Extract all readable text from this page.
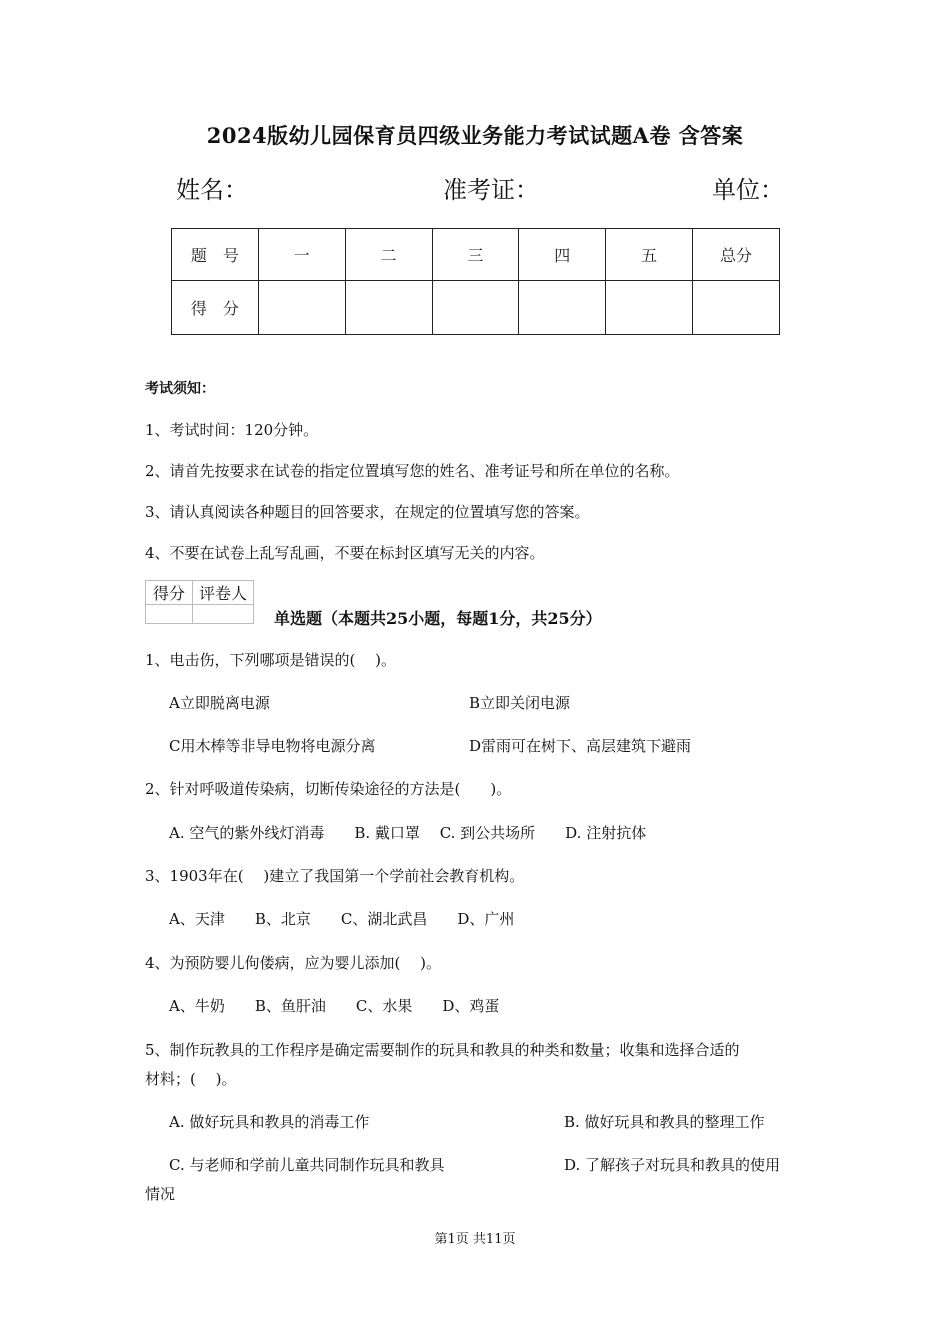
2024版幼儿园保育员四级业务能力考试试题A卷 含答案
姓名：	准考证：	单位：
题　号	一	二	三	四	五	总分
得　分						
考试须知：
1、考试时间：120分钟。
2、请首先按要求在试卷的指定位置填写您的姓名、准考证号和所在单位的名称。
3、请认真阅读各种题目的回答要求，在规定的位置填写您的答案。
4、不要在试卷上乱写乱画，不要在标封区填写无关的内容。
得分	评卷人

单选题（本题共25小题，每题1分，共25分）
1、电击伤，下列哪项是错误的(　 )。
A立即脱离电源	B立即关闭电源
C用木棒等非导电物将电源分离	D雷雨可在树下、高层建筑下避雨
2、针对呼吸道传染病，切断传染途径的方法是(　　)。
A. 空气的紫外线灯消毒　　B. 戴口罩　 C. 到公共场所　　D. 注射抗体
3、1903年在(　 )建立了我国第一个学前社会教育机构。
A、天津　　B、北京　　C、湖北武昌　　D、广州
4、为预防婴儿佝偻病，应为婴儿添加(　 )。
A、牛奶　　B、鱼肝油　　C、水果　　D、鸡蛋
5、制作玩教具的工作程序是确定需要制作的玩具和教具的种类和数量；收集和选择合适的
材料；(　 )。
A. 做好玩具和教具的消毒工作	B. 做好玩具和教具的整理工作
C. 与老师和学前儿童共同制作玩具和教具	D. 了解孩子对玩具和教具的使用
情况
第1页 共11页
